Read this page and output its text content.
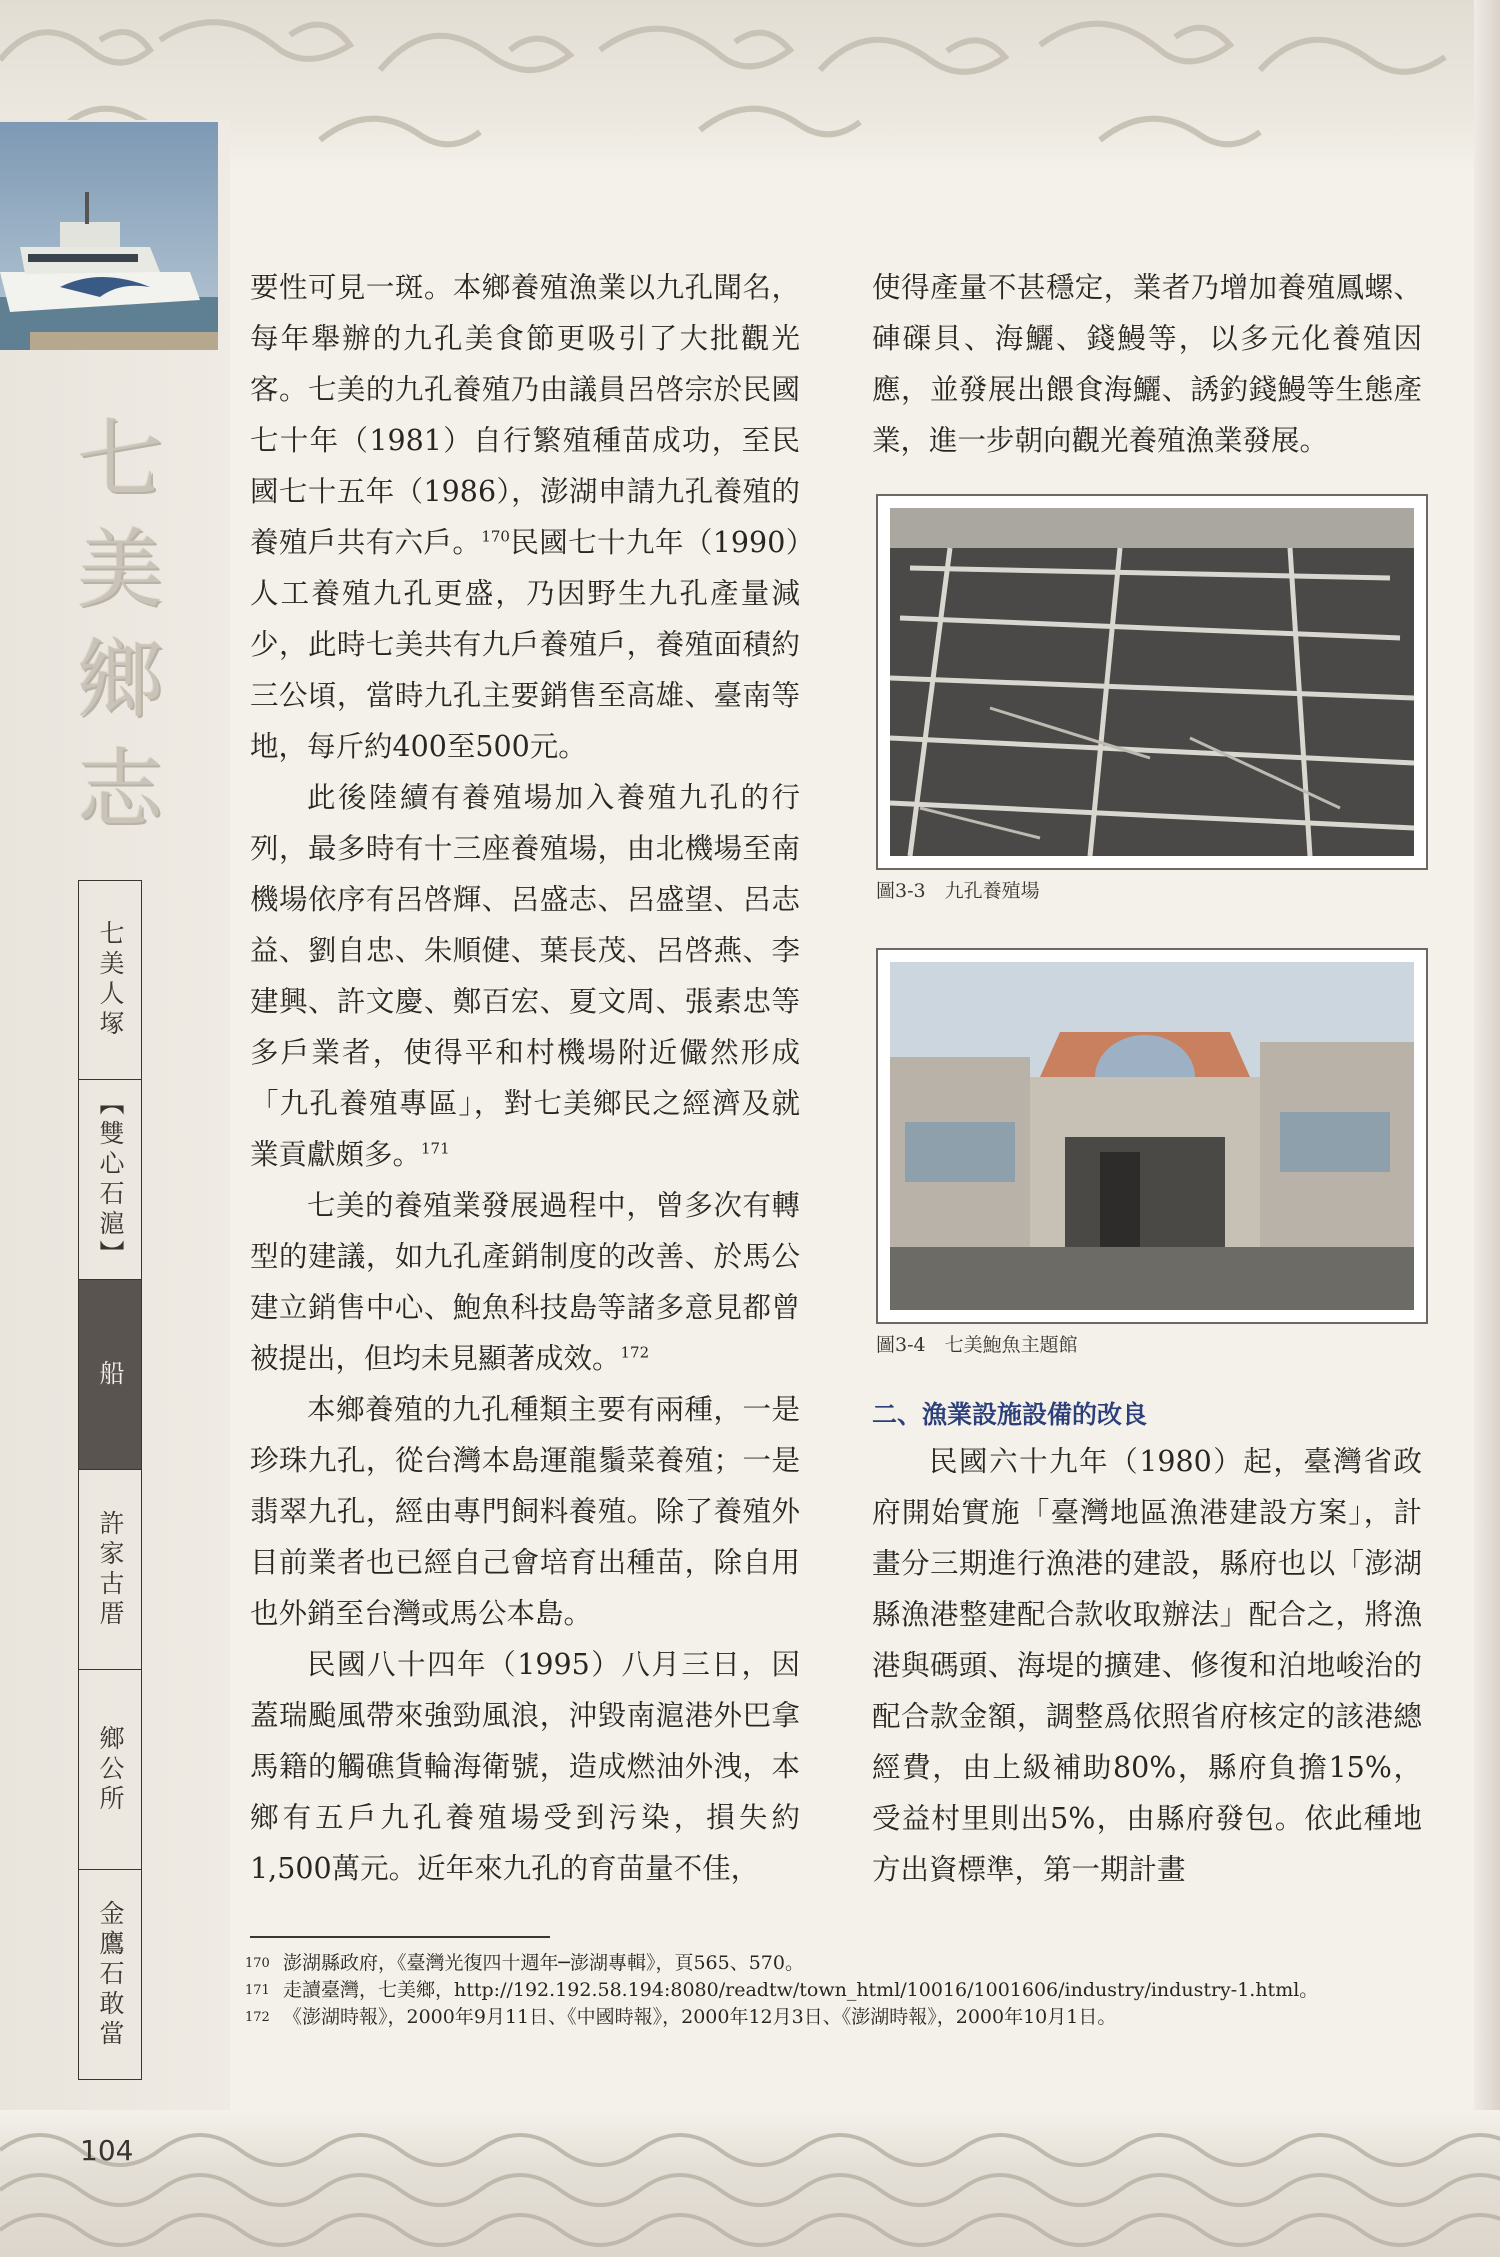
七
美
鄉
志
七美人塚
【雙心石滬】
船
許家古厝
鄉公所
金鷹石敢當

要性可見一斑。本鄉養殖漁業以九孔聞名，每年舉辦的九孔美食節更吸引了大批觀光客。七美的九孔養殖乃由議員呂啓宗於民國七十年（1981）自行繁殖種苗成功，至民國七十五年（1986），澎湖申請九孔養殖的養殖戶共有六戶。$^{170}$民國七十九年（1990）人工養殖九孔更盛，乃因野生九孔產量減少，此時七美共有九戶養殖戶，養殖面積約三公頃，當時九孔主要銷售至高雄、臺南等地，每斤約400至500元。

此後陸續有養殖場加入養殖九孔的行列，最多時有十三座養殖場，由北機場至南機場依序有呂啓輝、呂盛志、呂盛望、呂志益、劉自忠、朱順健、葉長茂、呂啓燕、李建興、許文慶、鄭百宏、夏文周、張素忠等多戶業者，使得平和村機場附近儼然形成「九孔養殖專區」，對七美鄉民之經濟及就業貢獻頗多。$^{171}$

七美的養殖業發展過程中，曾多次有轉型的建議，如九孔產銷制度的改善、於馬公建立銷售中心、鮑魚科技島等諸多意見都曾被提出，但均未見顯著成效。$^{172}$

本鄉養殖的九孔種類主要有兩種，一是珍珠九孔，從台灣本島運龍鬚菜養殖；一是翡翠九孔，經由專門飼料養殖。除了養殖外目前業者也已經自己會培育出種苗，除自用也外銷至台灣或馬公本島。

民國八十四年（1995）八月三日，因蓋瑞颱風帶來強勁風浪，沖毀南滬港外巴拿馬籍的觸礁貨輪海衛號，造成燃油外洩，本鄉有五戶九孔養殖場受到污染，損失約1,500萬元。近年來九孔的育苗量不佳，

使得產量不甚穩定，業者乃增加養殖鳳螺、硨磲貝、海鱺、錢鰻等，以多元化養殖因應，並發展出餵食海鱺、誘釣錢鰻等生態產業，進一步朝向觀光養殖漁業發展。

圖3-3　九孔養殖場
圖3-4　七美鮑魚主題館
二、漁業設施設備的改良

民國六十九年（1980）起，臺灣省政府開始實施「臺灣地區漁港建設方案」，計畫分三期進行漁港的建設，縣府也以「澎湖縣漁港整建配合款收取辦法」配合之，將漁港與碼頭、海堤的擴建、修復和泊地峻治的配合款金額，調整爲依照省府核定的該港總經費，由上級補助80%，縣府負擔15%，受益村里則出5%，由縣府發包。依此種地方出資標準，第一期計畫

170 澎湖縣政府，《臺灣光復四十週年─澎湖專輯》，頁565、570。
171 走讀臺灣，七美鄉，http://192.192.58.194:8080/readtw/town_html/10016/1001606/industry/industry-1.html。
172 《澎湖時報》，2000年9月11日、《中國時報》，2000年12月3日、《澎湖時報》，2000年10月1日。
104
